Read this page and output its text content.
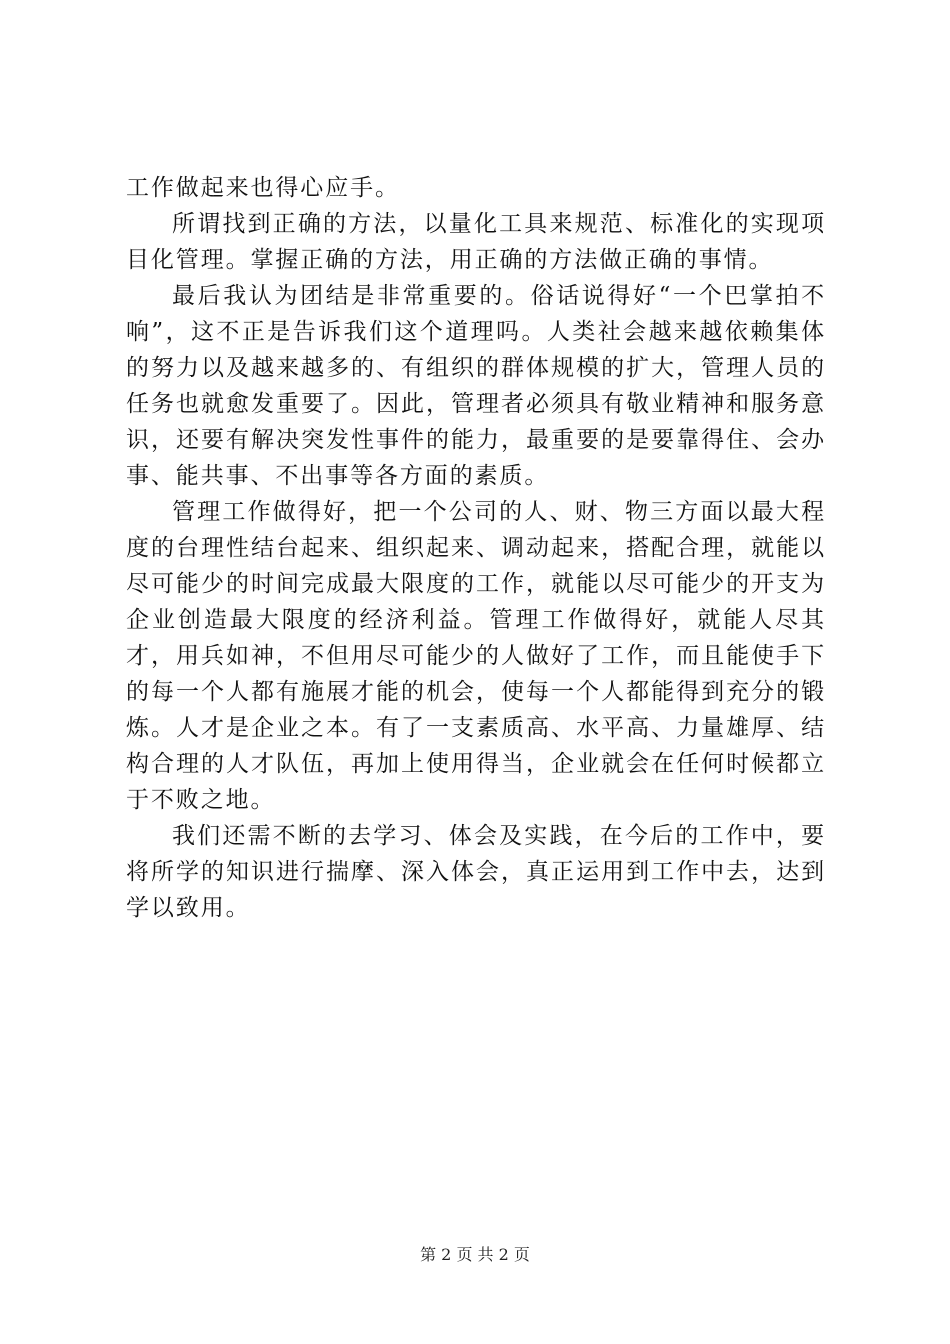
工作做起来也得心应手。

所谓找到正确的方法，以量化工具来规范、标准化的实现项目化管理。掌握正确的方法，用正确的方法做正确的事情。

最后我认为团结是非常重要的。俗话说得好“一个巴掌拍不响”，这不正是告诉我们这个道理吗。人类社会越来越依赖集体的努力以及越来越多的、有组织的群体规模的扩大，管理人员的任务也就愈发重要了。因此，管理者必须具有敬业精神和服务意识，还要有解决突发性事件的能力，最重要的是要靠得住、会办事、能共事、不出事等各方面的素质。

管理工作做得好，把一个公司的人、财、物三方面以最大程度的台理性结台起来、组织起来、调动起来，搭配合理，就能以尽可能少的时间完成最大限度的工作，就能以尽可能少的开支为企业创造最大限度的经济利益。管理工作做得好，就能人尽其才，用兵如神，不但用尽可能少的人做好了工作，而且能使手下的每一个人都有施展才能的机会，使每一个人都能得到充分的锻炼。人才是企业之本。有了一支素质高、水平高、力量雄厚、结构合理的人才队伍，再加上使用得当，企业就会在任何时候都立于不败之地。

我们还需不断的去学习、体会及实践，在今后的工作中，要将所学的知识进行揣摩、深入体会，真正运用到工作中去，达到学以致用。

第 2 页 共 2 页
